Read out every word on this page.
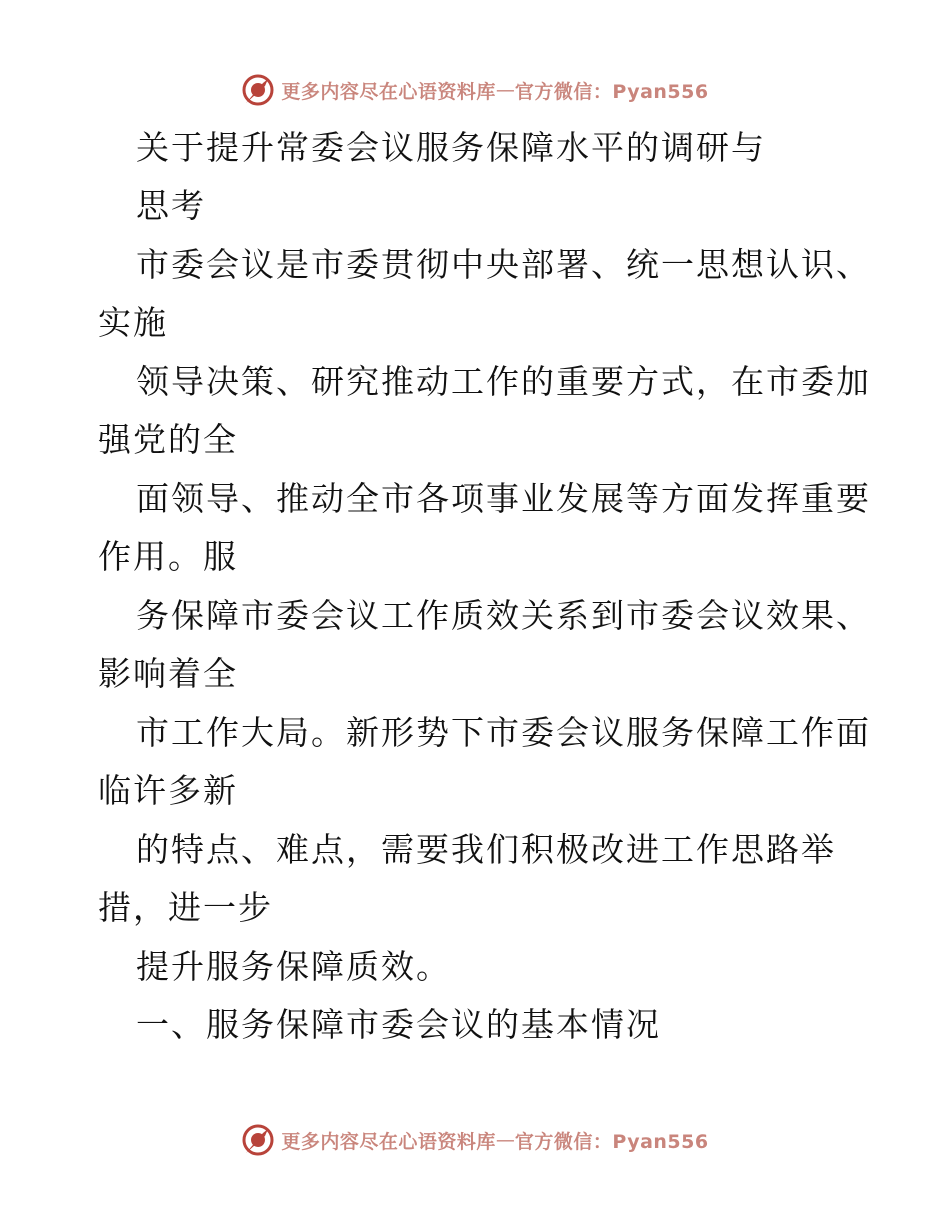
更多内容尽在心语资料库 — 官方微信：Pyan556
关于提升常委会议服务保障水平的调研与
思考
市委会议是市委贯彻中央部署、统一思想认识、
实施
领导决策、研究推动工作的重要方式，在市委加
强党的全
面领导、推动全市各项事业发展等方面发挥重要
作用。服
务保障市委会议工作质效关系到市委会议效果、
影响着全
市工作大局。新形势下市委会议服务保障工作面
临许多新
的特点、难点，需要我们积极改进工作思路举
措，进一步
提升服务保障质效。
一、服务保障市委会议的基本情况
更多内容尽在心语资料库 — 官方微信：Pyan556
